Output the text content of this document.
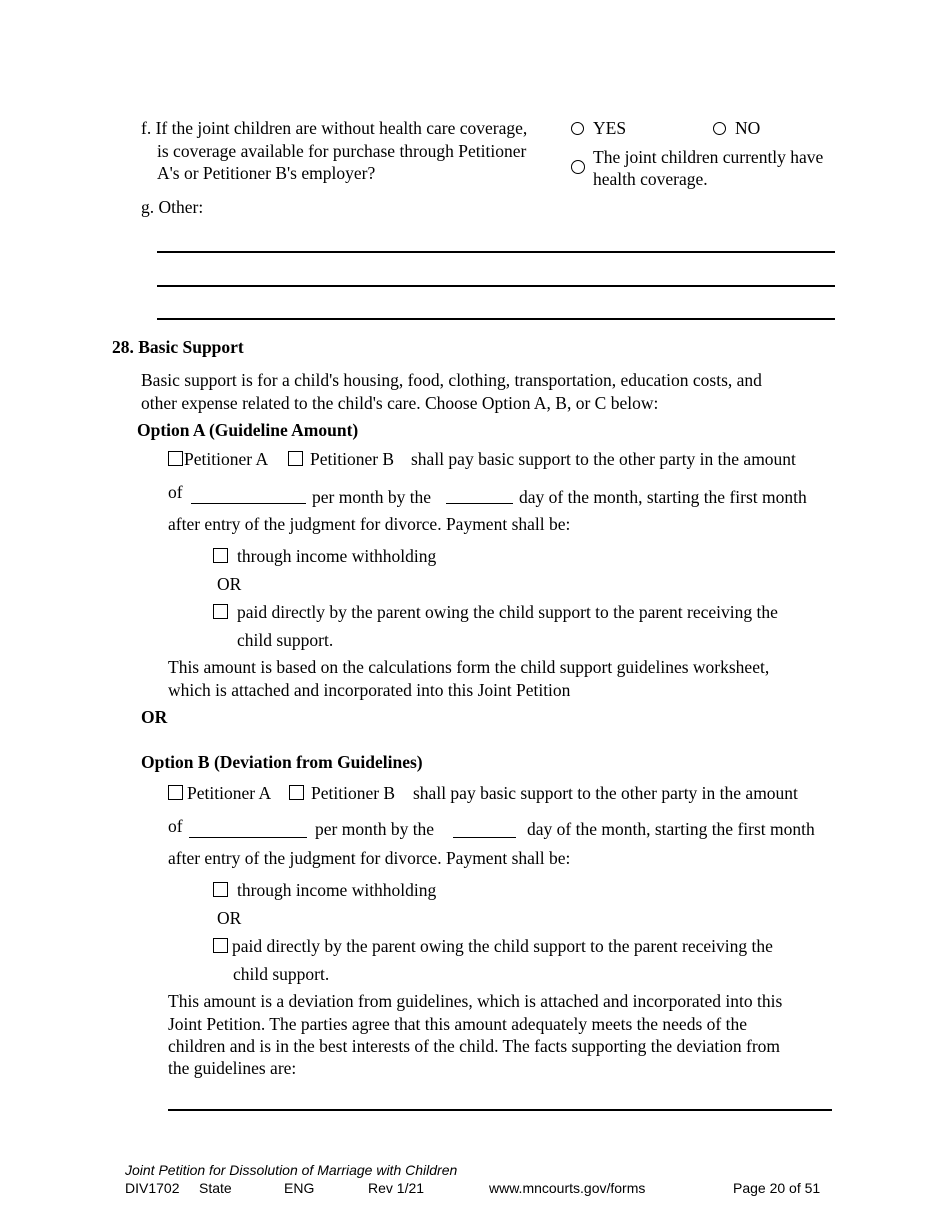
f. If the joint children are without health care coverage,
is coverage available for purchase through Petitioner
A's or Petitioner B's employer?
YES	NO
The joint children currently have
health coverage.
g. Other:
28. Basic Support
Basic support is for a child's housing, food, clothing, transportation, education costs, and
other expense related to the child's care. Choose Option A, B, or C below:
Option A (Guideline Amount)
Petitioner A Petitioner B shall pay basic support to the other party in the amount
of	per month by the	day of the month, starting the first month
after entry of the judgment for divorce. Payment shall be:
through income withholding
OR
paid directly by the parent owing the child support to the parent receiving the
child support.
This amount is based on the calculations form the child support guidelines worksheet,
which is attached and incorporated into this Joint Petition
OR
Option B (Deviation from Guidelines)
Petitioner A Petitioner B shall pay basic support to the other party in the amount
of	per month by the	day of the month, starting the first month
after entry of the judgment for divorce. Payment shall be:
through income withholding
OR
paid directly by the parent owing the child support to the parent receiving the
child support.
This amount is a deviation from guidelines, which is attached and incorporated into this
Joint Petition. The parties agree that this amount adequately meets the needs of the
children and is in the best interests of the child. The facts supporting the deviation from
the guidelines are:
Joint Petition for Dissolution of Marriage with Children
DIV1702 State	ENG	Rev 1/21	www.mncourts.gov/forms	Page 20 of 51
